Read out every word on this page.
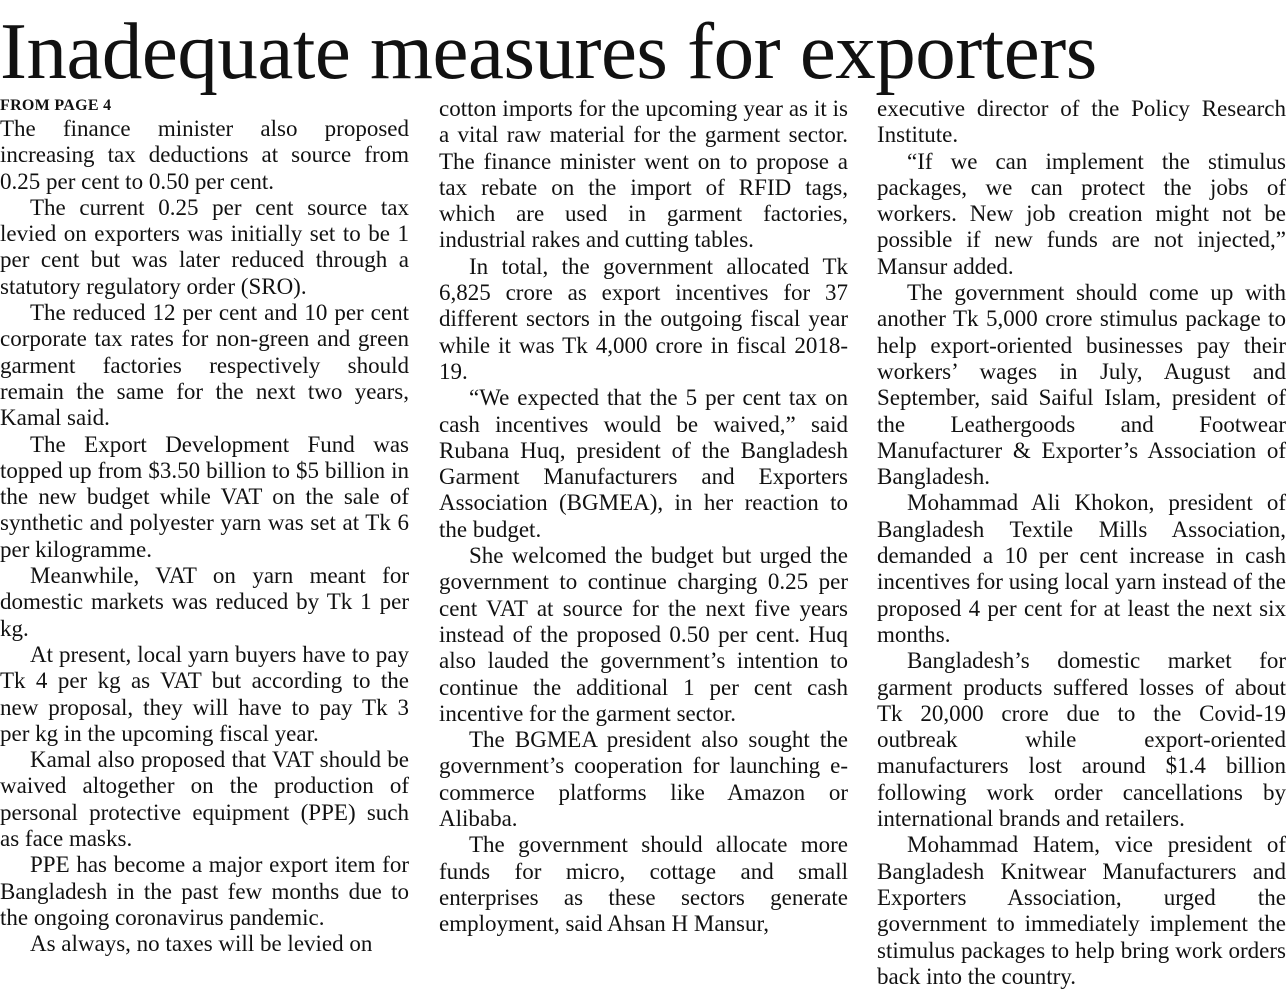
Inadequate measures for exporters
FROM PAGE 4

The finance minister also proposed increasing tax deductions at source from 0.25 per cent to 0.50 per cent.

The current 0.25 per cent source tax levied on exporters was initially set to be 1 per cent but was later reduced through a statutory regulatory order (SRO).

The reduced 12 per cent and 10 per cent corporate tax rates for non-green and green garment factories respectively should remain the same for the next two years, Kamal said.

The Export Development Fund was topped up from $3.50 billion to $5 billion in the new budget while VAT on the sale of synthetic and polyester yarn was set at Tk 6 per kilogramme.

Meanwhile, VAT on yarn meant for domestic markets was reduced by Tk 1 per kg.

At present, local yarn buyers have to pay Tk 4 per kg as VAT but according to the new proposal, they will have to pay Tk 3 per kg in the upcoming fiscal year.

Kamal also proposed that VAT should be waived altogether on the production of personal protective equipment (PPE) such as face masks.

PPE has become a major export item for Bangladesh in the past few months due to the ongoing coronavirus pandemic.

As always, no taxes will be levied on

cotton imports for the upcoming year as it is a vital raw material for the garment sector. The finance minister went on to propose a tax rebate on the import of RFID tags, which are used in garment factories, industrial rakes and cutting tables.

In total, the government allocated Tk 6,825 crore as export incentives for 37 different sectors in the outgoing fiscal year while it was Tk 4,000 crore in fiscal 2018-19.

“We expected that the 5 per cent tax on cash incentives would be waived,” said Rubana Huq, president of the Bangladesh Garment Manufacturers and Exporters Association (BGMEA), in her reaction to the budget.

She welcomed the budget but urged the government to continue charging 0.25 per cent VAT at source for the next five years instead of the proposed 0.50 per cent. Huq also lauded the government’s intention to continue the additional 1 per cent cash incentive for the garment sector.

The BGMEA president also sought the government’s cooperation for launching e-commerce platforms like Amazon or Alibaba.

The government should allocate more funds for micro, cottage and small enterprises as these sectors generate employment, said Ahsan H Mansur,

executive director of the Policy Research Institute.

“If we can implement the stimulus packages, we can protect the jobs of workers. New job creation might not be possible if new funds are not injected,” Mansur added.

The government should come up with another Tk 5,000 crore stimulus package to help export-oriented businesses pay their workers’ wages in July, August and September, said Saiful Islam, president of the Leathergoods and Footwear Manufacturer & Exporter’s Association of Bangladesh.

Mohammad Ali Khokon, president of Bangladesh Textile Mills Association, demanded a 10 per cent increase in cash incentives for using local yarn instead of the proposed 4 per cent for at least the next six months.

Bangladesh’s domestic market for garment products suffered losses of about Tk 20,000 crore due to the Covid-19 outbreak while export-oriented manufacturers lost around $1.4 billion following work order cancellations by international brands and retailers.

Mohammad Hatem, vice president of Bangladesh Knitwear Manufacturers and Exporters Association, urged the government to immediately implement the stimulus packages to help bring work orders back into the country.
